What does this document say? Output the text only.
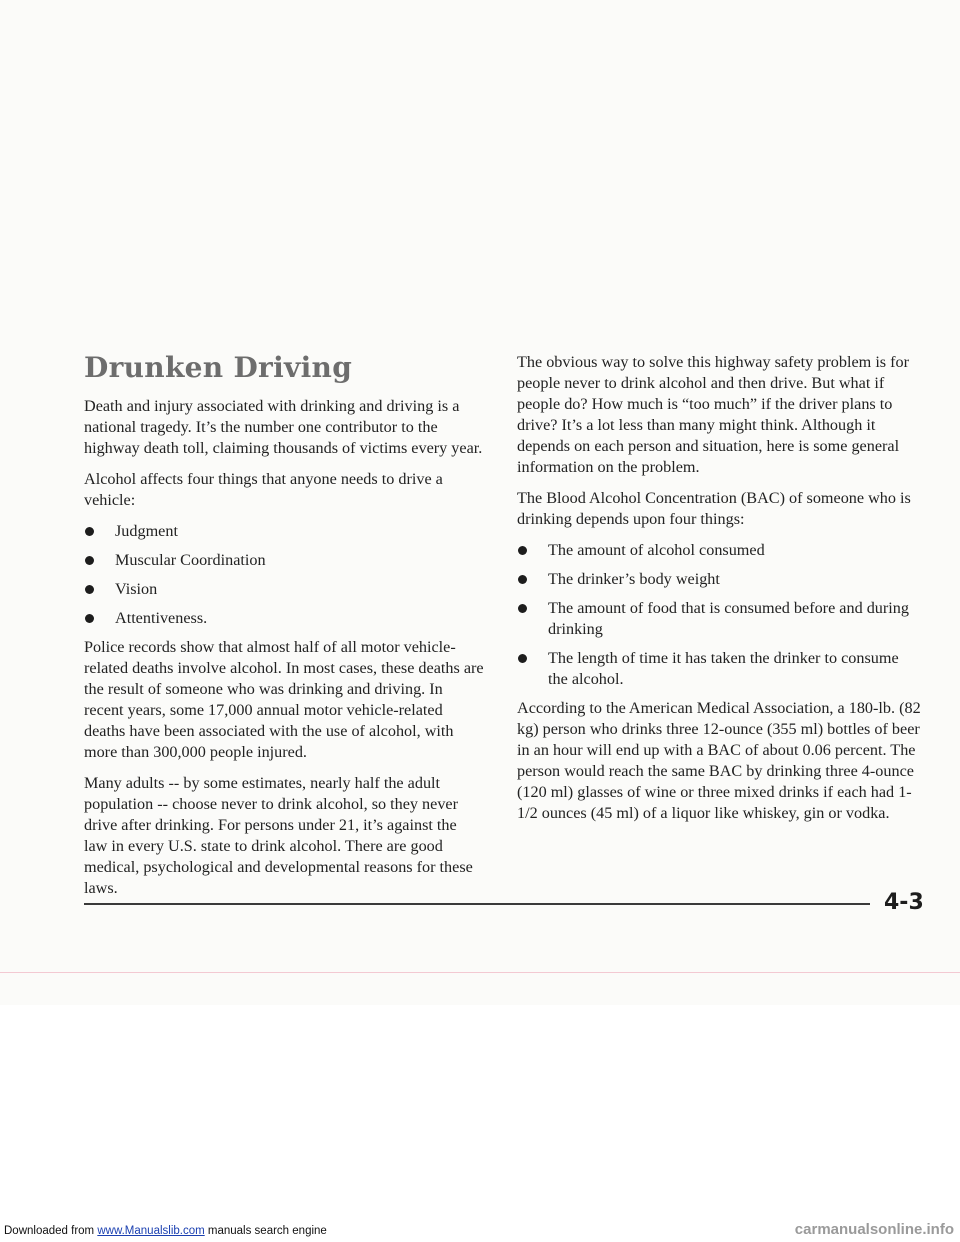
Drunken Driving

Death and injury associated with drinking and driving is a national tragedy. It’s the number one contributor to the highway death toll, claiming thousands of victims every year.

Alcohol affects four things that anyone needs to drive a vehicle:

Judgment
Muscular Coordination
Vision
Attentiveness.

Police records show that almost half of all motor vehicle-related deaths involve alcohol. In most cases, these deaths are the result of someone who was drinking and driving. In recent years, some 17,000 annual motor vehicle-related deaths have been associated with the use of alcohol, with more than 300,000 people injured.

Many adults -- by some estimates, nearly half the adult population -- choose never to drink alcohol, so they never drive after drinking. For persons under 21, it’s against the law in every U.S. state to drink alcohol. There are good medical, psychological and developmental reasons for these laws.

The obvious way to solve this highway safety problem is for people never to drink alcohol and then drive. But what if people do? How much is “too much” if the driver plans to drive? It’s a lot less than many might think. Although it depends on each person and situation, here is some general information on the problem.

The Blood Alcohol Concentration (BAC) of someone who is drinking depends upon four things:

The amount of alcohol consumed
The drinker’s body weight
The amount of food that is consumed before and during drinking
The length of time it has taken the drinker to consume the alcohol.

According to the American Medical Association, a 180-lb. (82 kg) person who drinks three 12-ounce (355 ml) bottles of beer in an hour will end up with a BAC of about 0.06 percent. The person would reach the same BAC by drinking three 4-ounce (120 ml) glasses of wine or three mixed drinks if each had 1-1/2 ounces (45 ml) of a liquor like whiskey, gin or vodka.

4-3
Downloaded from www.Manualslib.com manuals search engine	carmanualsonline.info
